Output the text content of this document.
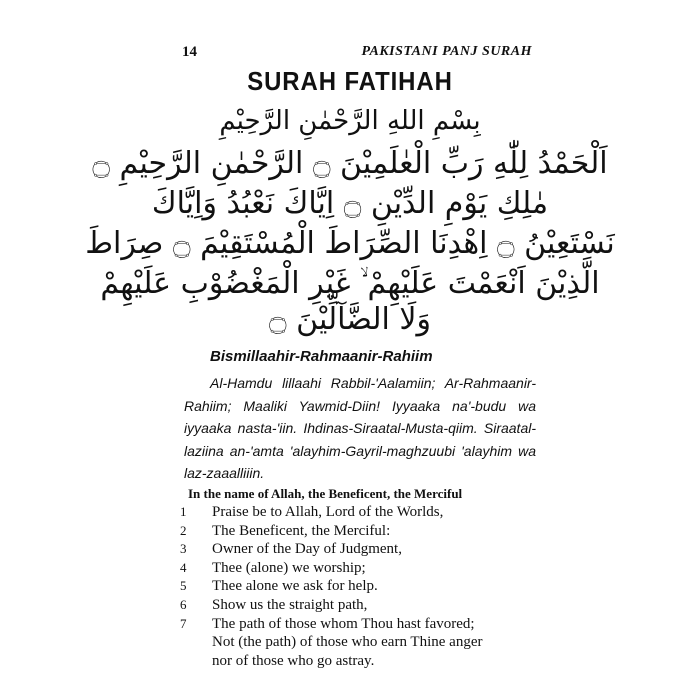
14	PAKISTANI PANJ SURAH
SURAH FATIHAH
بِسْمِ اللهِ الرَّحْمٰنِ الرَّحِيْمِ
اَلْحَمْدُ لِلّٰهِ رَبِّ الْعٰلَمِيْنَ ۝ الرَّحْمٰنِ الرَّحِيْمِ ۝
مٰلِكِ يَوْمِ الدِّيْنِ ۝ اِيَّاكَ نَعْبُدُ وَاِيَّاكَ
نَسْتَعِيْنُ ۝ اِهْدِنَا الصِّرَاطَ الْمُسْتَقِيْمَ ۝ صِرَاطَ
الَّذِيْنَ اَنْعَمْتَ عَلَيْهِمْ ۙ غَيْرِ الْمَغْضُوْبِ عَلَيْهِمْ
وَلَا الضَّآلِّيْنَ ۝
Bismillaahir-Rahmaanir-Rahiim
Al-Hamdu lillaahi Rabbil-'Aalamiin; Ar-Rahmaanir-Rahiim; Maaliki Yawmid-Diin! Iyyaaka na'-budu wa iyyaaka nasta-'iin. Ihdinas-Siraatal-Musta-qiim. Siraatal-laziina an-'amta 'alayhim-Gayril-maghzuubi 'alayhim wa laz-zaaalliiin.
In the name of Allah, the Beneficent, the Merciful
1	Praise be to Allah, Lord of the Worlds,
2	The Beneficent, the Merciful:
3	Owner of the Day of Judgment,
4	Thee (alone) we worship;
5	Thee alone we ask for help.
6	Show us the straight path,
7	The path of those whom Thou hast favored;
Not (the path) of those who earn Thine anger
nor of those who go astray.
